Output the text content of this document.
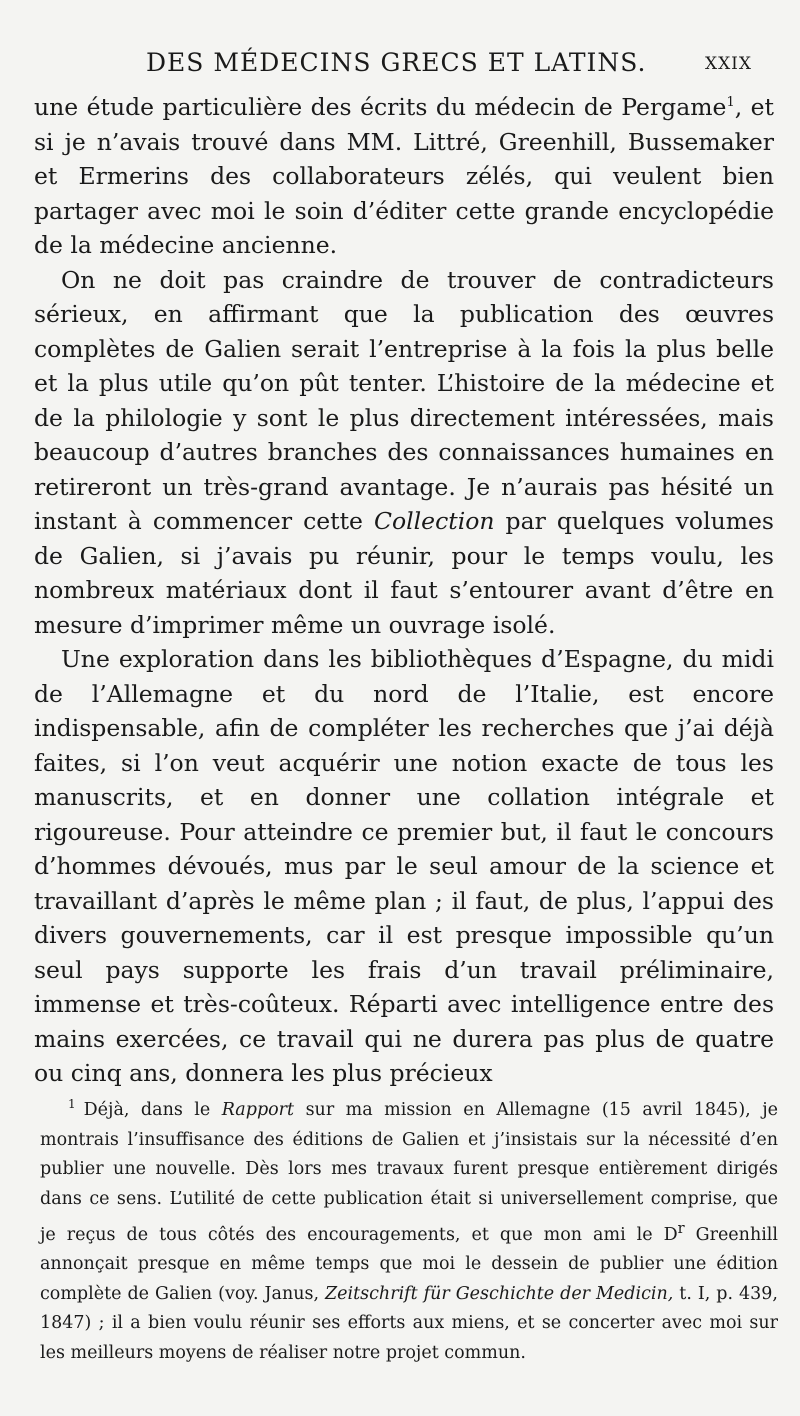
DES MÉDECINS GRECS ET LATINS.	XXIX

une étude particulière des écrits du médecin de Pergame$^1$, et si je n’avais trouvé dans MM. Littré, Greenhill, Bussemaker et Ermerins des collaborateurs zélés, qui veulent bien partager avec moi le soin d’éditer cette grande encyclopédie de la médecine ancienne.

On ne doit pas craindre de trouver de contradicteurs sérieux, en affirmant que la publication des œuvres complètes de Galien serait l’entreprise à la fois la plus belle et la plus utile qu’on pût tenter. L’histoire de la médecine et de la philologie y sont le plus directement intéressées, mais beaucoup d’autres branches des connaissances humaines en retireront un très-grand avantage. Je n’aurais pas hésité un instant à commencer cette Collection par quelques volumes de Galien, si j’avais pu réunir, pour le temps voulu, les nombreux matériaux dont il faut s’entourer avant d’être en mesure d’imprimer même un ouvrage isolé.

Une exploration dans les bibliothèques d’Espagne, du midi de l’Allemagne et du nord de l’Italie, est encore indispensable, afin de compléter les recherches que j’ai déjà faites, si l’on veut acquérir une notion exacte de tous les manuscrits, et en donner une collation intégrale et rigoureuse. Pour atteindre ce premier but, il faut le concours d’hommes dévoués, mus par le seul amour de la science et travaillant d’après le même plan ; il faut, de plus, l’appui des divers gouvernements, car il est presque impossible qu’un seul pays supporte les frais d’un travail préliminaire, immense et très-coûteux. Réparti avec intelligence entre des mains exercées, ce travail qui ne durera pas plus de quatre ou cinq ans, donnera les plus précieux

$^1$ Déjà, dans le Rapport sur ma mission en Allemagne (15 avril 1845), je montrais l’insuffisance des éditions de Galien et j’insistais sur la nécessité d’en publier une nouvelle. Dès lors mes travaux furent presque entièrement dirigés dans ce sens. L’utilité de cette publication était si universellement comprise, que je reçus de tous côtés des encouragements, et que mon ami le $D^r$ Greenhill annonçait presque en même temps que moi le dessein de publier une édition complète de Galien (voy. Janus, Zeitschrift für Geschichte der Medicin, t. I, p. 439, 1847) ; il a bien voulu réunir ses efforts aux miens, et se concerter avec moi sur les meilleurs moyens de réaliser notre projet commun.
